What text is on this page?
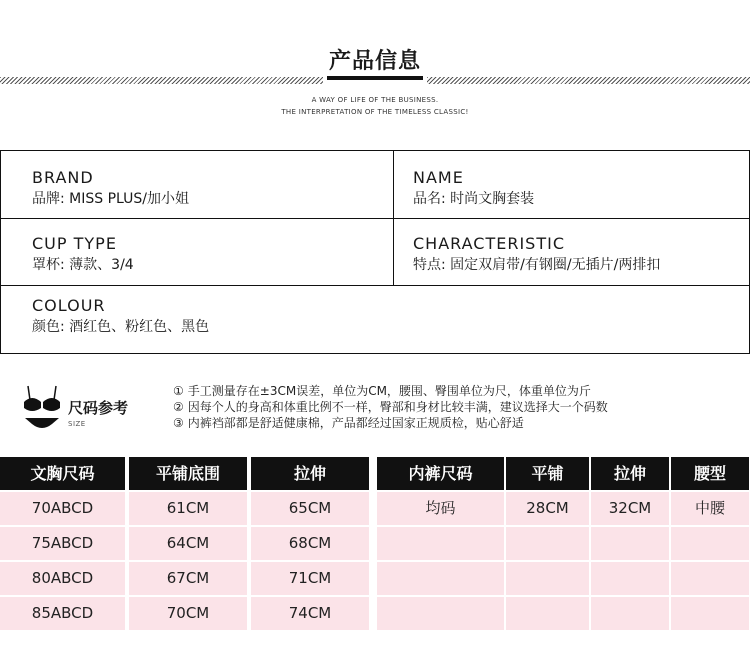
产品信息
A WAY OF LIFE OF THE BUSINESS.
THE INTERPRETATION OF THE TIMELESS CLASSIC!
BRAND
品牌: MISS PLUS/加小姐
NAME
品名: 时尚文胸套装
CUP TYPE
罩杯: 薄款、3/4
CHARACTERISTIC
特点: 固定双肩带/有钢圈/无插片/两排扣
COLOUR
颜色: 酒红色、粉红色、黑色
尺码参考
SIZE
① 手工测量存在±3CM误差，单位为CM，腰围、臀围单位为尺，体重单位为斤
② 因每个人的身高和体重比例不一样，臀部和身材比较丰满，建议选择大一个码数
③ 内裤裆部都是舒适健康棉，产品都经过国家正规质检，贴心舒适
文胸尺码	平铺底围	拉伸
70ABCD	61CM	65CM
75ABCD	64CM	68CM
80ABCD	67CM	71CM
85ABCD	70CM	74CM
内裤尺码	平铺	拉伸	腰型
均码	28CM	32CM	中腰
